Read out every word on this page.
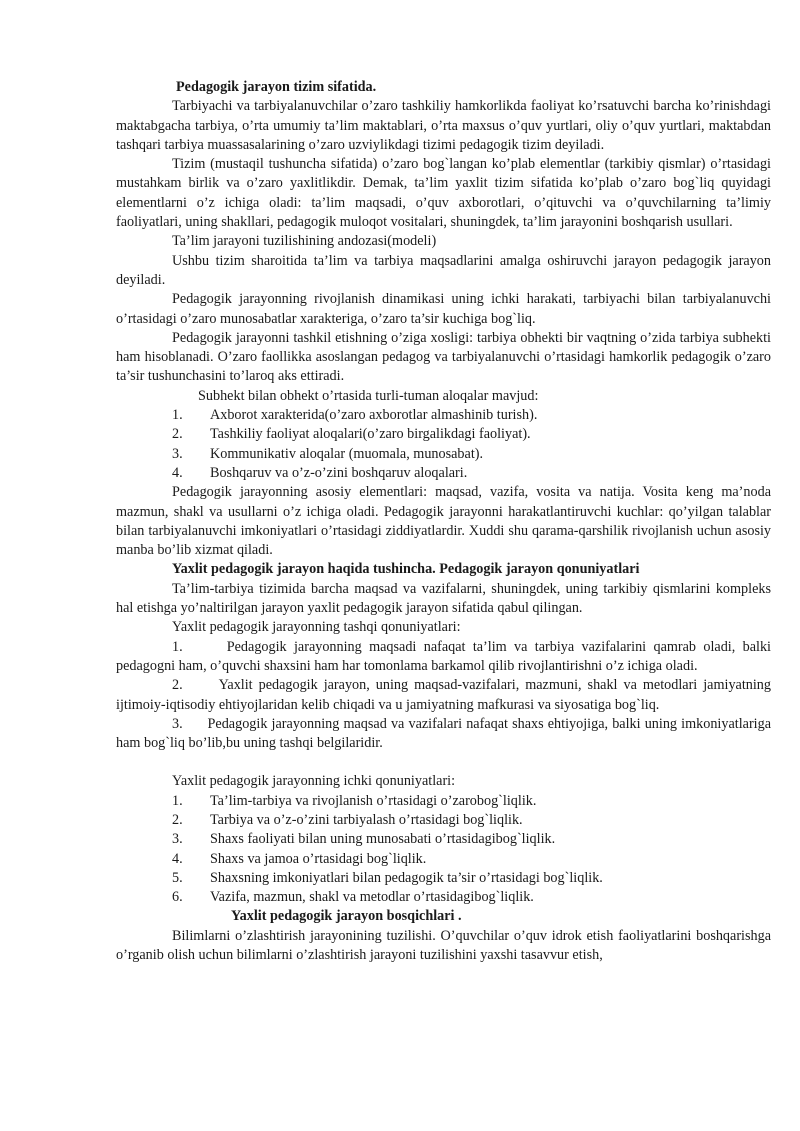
Pedagogik jarayon tizim sifatida.

Tarbiyachi va tarbiyalanuvchilar o’zaro tashkiliy hamkorlikda faoliyat ko’rsatuvchi barcha ko’rinishdagi maktabgacha tarbiya, o’rta umumiy ta’lim maktablari, o’rta maxsus o’quv yurtlari, oliy o’quv yurtlari, maktabdan tashqari tarbiya muassasalarining o’zaro uzviylikdagi tizimi pedagogik tizim deyiladi.

Tizim (mustaqil tushuncha sifatida) o’zaro bog`langan ko’plab elementlar (tarkibiy qismlar) o’rtasidagi mustahkam birlik va o’zaro yaxlitlikdir. Demak, ta’lim yaxlit tizim sifatida ko’plab o’zaro bog`liq quyidagi elementlarni o’z ichiga oladi: ta’lim maqsadi, o’quv axborotlari, o’qituvchi va o’quvchilarning ta’limiy faoliyatlari, uning shakllari, pedagogik muloqot vositalari, shuningdek, ta’lim jarayonini boshqarish usullari.

Ta’lim jarayoni tuzilishining andozasi(modeli)

Ushbu tizim sharoitida ta’lim va tarbiya maqsadlarini amalga oshiruvchi jarayon pedagogik jarayon deyiladi.

Pedagogik jarayonning rivojlanish dinamikasi uning ichki harakati, tarbiyachi bilan tarbiyalanuvchi o’rtasidagi o’zaro munosabatlar xarakteriga, o’zaro ta’sir kuchiga bog`liq.

Pedagogik jarayonni tashkil etishning o’ziga xosligi: tarbiya obhekti bir vaqtning o’zida tarbiya subhekti ham hisoblanadi. O’zaro faollikka asoslangan pedagog va tarbiyalanuvchi o’rtasidagi hamkorlik pedagogik o’zaro ta’sir tushunchasini to’laroq aks ettiradi.

Subhekt bilan obhekt o’rtasida turli-tuman aloqalar mavjud:

1.	Axborot xarakterida(o’zaro axborotlar almashinib turish).
2.	Tashkiliy faoliyat aloqalari(o’zaro birgalikdagi faoliyat).
3.	Kommunikativ aloqalar (muomala, munosabat).
4.	Boshqaruv va o’z-o’zini boshqaruv aloqalari.

Pedagogik jarayonning asosiy elementlari: maqsad, vazifa, vosita va natija. Vosita keng ma’noda mazmun, shakl va usullarni o’z ichiga oladi. Pedagogik jarayonni harakatlantiruvchi kuchlar: qo’yilgan talablar bilan tarbiyalanuvchi imkoniyatlari o’rtasidagi ziddiyatlardir. Xuddi shu qarama-qarshilik rivojlanish uchun asosiy manba bo’lib xizmat qiladi.

Yaxlit pedagogik jarayon haqida tushincha. Pedagogik jarayon qonuniyatlari

Ta’lim-tarbiya tizimida barcha maqsad va vazifalarni, shuningdek, uning tarkibiy qismlarini kompleks hal etishga yo’naltirilgan jarayon yaxlit pedagogik jarayon sifatida qabul qilingan.

Yaxlit pedagogik jarayonning tashqi qonuniyatlari:

1.      Pedagogik jarayonning maqsadi nafaqat ta’lim va tarbiya vazifalarini qamrab oladi, balki pedagogni ham, o’quvchi shaxsini ham har tomonlama barkamol qilib rivojlantirishni o’z ichiga oladi.

2.      Yaxlit pedagogik jarayon, uning maqsad-vazifalari, mazmuni, shakl va metodlari jamiyatning ijtimoiy-iqtisodiy ehtiyojlaridan kelib chiqadi va u jamiyatning mafkurasi va siyosatiga bog`liq.

3.      Pedagogik jarayonning maqsad va vazifalari nafaqat shaxs ehtiyojiga, balki uning imkoniyatlariga ham bog`liq bo’lib,bu uning tashqi belgilaridir.

Yaxlit pedagogik jarayonning ichki qonuniyatlari:

1.	Ta’lim-tarbiya va rivojlanish o’rtasidagi o’zarobog`liqlik.
2.	Tarbiya va o’z-o’zini tarbiyalash o’rtasidagi bog`liqlik.
3.	Shaxs faoliyati bilan uning munosabati o’rtasidagibog`liqlik.
4.	Shaxs va jamoa o’rtasidagi bog`liqlik.
5.	Shaxsning imkoniyatlari bilan pedagogik ta’sir o’rtasidagi bog`liqlik.
6.	Vazifa, mazmun, shakl va metodlar o’rtasidagibog`liqlik.

Yaxlit pedagogik jarayon bosqichlari .

Bilimlarni o’zlashtirish jarayonining tuzilishi. O’quvchilar o’quv idrok etish faoliyatlarini boshqarishga o’rganib olish uchun bilimlarni o’zlashtirish jarayoni tuzilishini yaxshi tasavvur etish,
